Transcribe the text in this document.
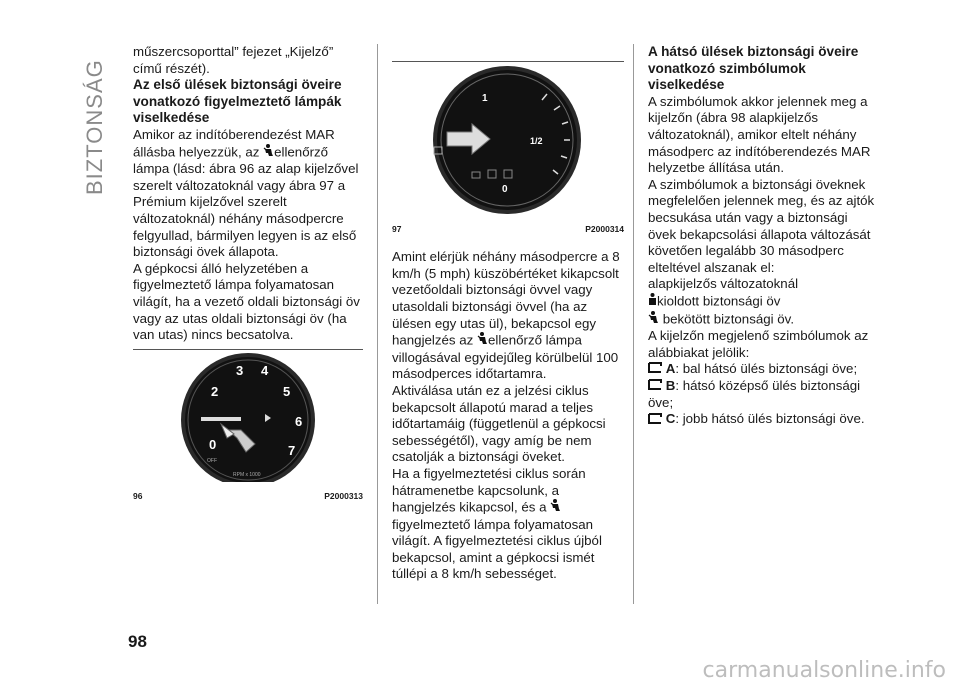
BIZTONSÁG

műszercsoporttal” fejezet „Kijelző” című részét).

Az első ülések biztonsági öveire vonatkozó figyelmeztető lámpák viselkedése

Amikor az indítóberendezést MAR állásba helyezzük, az ellenőrző lámpa (lásd: ábra 96 az alap kijelzővel szerelt változatoknál vagy ábra 97 a Prémium kijelzővel szerelt változatoknál) néhány másodpercre felgyullad, bármilyen legyen is az első biztonsági övek állapota.

A gépkocsi álló helyzetében a figyelmeztető lámpa folyamatosan világít, ha a vezető oldali biztonsági öv vagy az utas oldali biztonsági öv (ha van utas) nincs becsatolva.

3 4
2	5
6
0	7
OFF
RPM x 1000
96	P2000313
1
1/2
0
97	P2000314

Amint elérjük néhány másodpercre a 8 km/h (5 mph) küszöbértéket kikapcsolt vezetőoldali biztonsági övvel vagy utasoldali biztonsági övvel (ha az ülésen egy utas ül), bekapcsol egy hangjelzés az ellenőrző lámpa villogásával egyidejűleg körülbelül 100 másodperces időtartamra.

Aktiválása után ez a jelzési ciklus bekapcsolt állapotú marad a teljes időtartamáig (függetlenül a gépkocsi sebességétől), vagy amíg be nem csatolják a biztonsági öveket.

Ha a figyelmeztetési ciklus során hátramenetbe kapcsolunk, a hangjelzés kikapcsol, és a figyelmeztető lámpa folyamatosan világít. A figyelmeztetési ciklus újból bekapcsol, amint a gépkocsi ismét túllépi a 8 km/h sebességet.

A hátsó ülések biztonsági öveire vonatkozó szimbólumok viselkedése

A szimbólumok akkor jelennek meg a kijelzőn (ábra 98 alapkijelzős változatoknál), amikor eltelt néhány másodperc az indítóberendezés MAR helyzetbe állítása után.

A szimbólumok a biztonsági öveknek megfelelően jelennek meg, és az ajtók becsukása után vagy a biztonsági övek bekapcsolási állapota változását követően legalább 30 másodperc elteltével alszanak el:

alapkijelzős változatoknál

kioldott biztonsági öv

bekötött biztonsági öv.

A kijelzőn megjelenő szimbólumok az alábbiakat jelölik:

A: bal hátsó ülés biztonsági öve;

B: hátsó középső ülés biztonsági öve;

C: jobb hátsó ülés biztonsági öve.

98
carmanualsonline.info
